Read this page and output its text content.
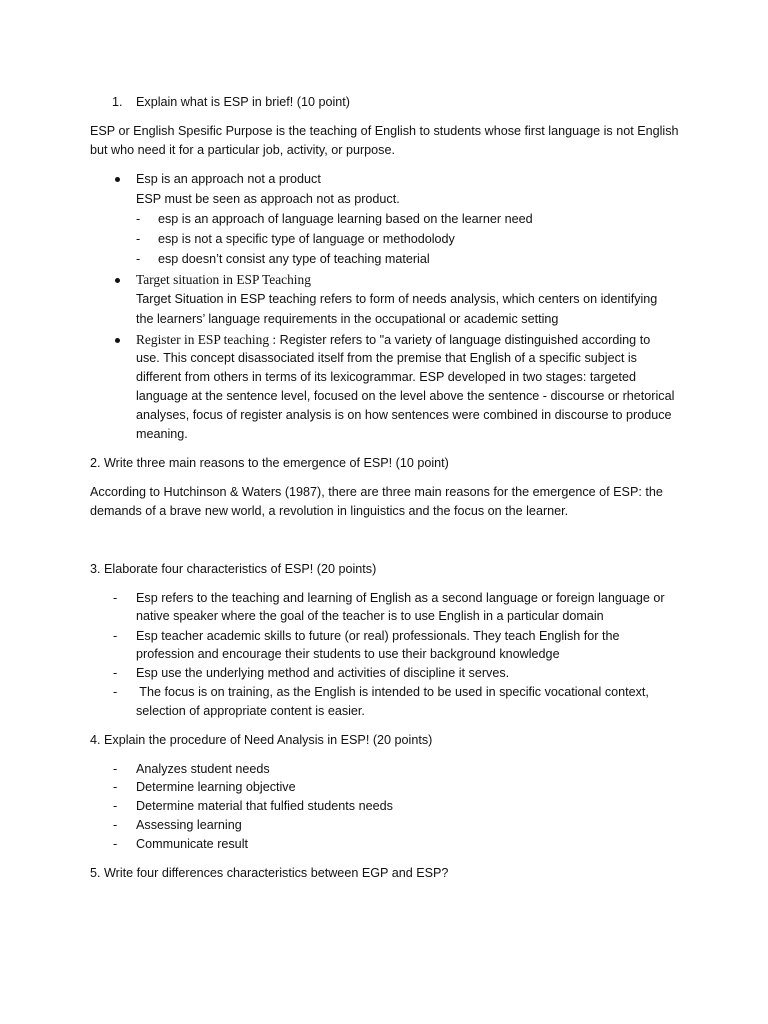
1. Explain what is ESP in brief! (10 point)
ESP or English Spesific Purpose is the teaching of English to students whose first language is not English
but who need it for a particular job, activity, or purpose.
Esp is an approach not a product
ESP must be seen as approach not as product.
- esp is an approach of language learning based on the learner need
- esp is not a specific type of language or methodolody
- esp doesn’t consist any type of teaching material
Target situation in ESP Teaching
Target Situation in ESP teaching refers to form of needs analysis, which centers on identifying
the learners’ language requirements in the occupational or academic setting
Register in ESP teaching : Register refers to "a variety of language distinguished according to
use. This concept disassociated itself from the premise that English of a specific subject is
different from others in terms of its lexicogrammar. ESP developed in two stages: targeted
language at the sentence level, focused on the level above the sentence - discourse or rhetorical
analyses, focus of register analysis is on how sentences were combined in discourse to produce
meaning.
2. Write three main reasons to the emergence of ESP! (10 point)
According to Hutchinson & Waters (1987), there are three main reasons for the emergence of ESP: the
demands of a brave new world, a revolution in linguistics and the focus on the learner.
3. Elaborate four characteristics of ESP! (20 points)
- Esp refers to the teaching and learning of English as a second language or foreign language or
native speaker where the goal of the teacher is to use English in a particular domain
- Esp teacher academic skills to future (or real) professionals. They teach English for the
profession and encourage their students to use their background knowledge
- Esp use the underlying method and activities of discipline it serves.
- The focus is on training, as the English is intended to be used in specific vocational context,
selection of appropriate content is easier.
4. Explain the procedure of Need Analysis in ESP! (20 points)
- Analyzes student needs
- Determine learning objective
- Determine material that fulfied students needs
- Assessing learning
- Communicate result
5. Write four differences characteristics between EGP and ESP?
